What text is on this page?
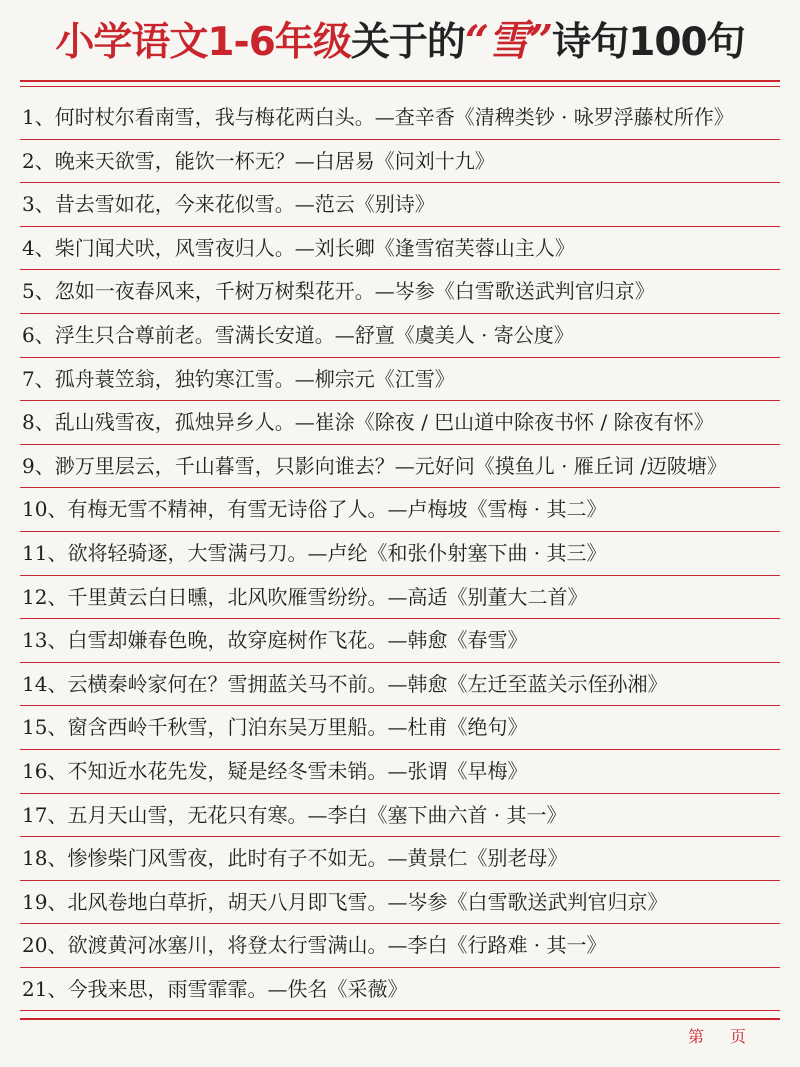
小学语文1-6年级关于的“雪”诗句100句
1、何时杖尔看南雪，我与梅花两白头。—查辛香《清稗类钞 · 咏罗浮藤杖所作》
2、晚来天欲雪，能饮一杯无？—白居易《问刘十九》
3、昔去雪如花，今来花似雪。—范云《别诗》
4、柴门闻犬吠，风雪夜归人。—刘长卿《逢雪宿芙蓉山主人》
5、忽如一夜春风来，千树万树梨花开。—岑参《白雪歌送武判官归京》
6、浮生只合尊前老。雪满长安道。—舒亶《虞美人 · 寄公度》
7、孤舟蓑笠翁，独钓寒江雪。—柳宗元《江雪》
8、乱山残雪夜，孤烛异乡人。—崔涂《除夜 / 巴山道中除夜书怀 / 除夜有怀》
9、渺万里层云，千山暮雪，只影向谁去？—元好问《摸鱼儿 · 雁丘词 /迈陂塘》
10、有梅无雪不精神，有雪无诗俗了人。—卢梅坡《雪梅 · 其二》
11、欲将轻骑逐，大雪满弓刀。—卢纶《和张仆射塞下曲 · 其三》
12、千里黄云白日曛，北风吹雁雪纷纷。—高适《别董大二首》
13、白雪却嫌春色晚，故穿庭树作飞花。—韩愈《春雪》
14、云横秦岭家何在？雪拥蓝关马不前。—韩愈《左迁至蓝关示侄孙湘》
15、窗含西岭千秋雪，门泊东吴万里船。—杜甫《绝句》
16、不知近水花先发，疑是经冬雪未销。—张谓《早梅》
17、五月天山雪，无花只有寒。—李白《塞下曲六首 · 其一》
18、惨惨柴门风雪夜，此时有子不如无。—黄景仁《别老母》
19、北风卷地白草折，胡天八月即飞雪。—岑参《白雪歌送武判官归京》
20、欲渡黄河冰塞川，将登太行雪满山。—李白《行路难 · 其一》
21、今我来思，雨雪霏霏。—佚名《采薇》
第 页
